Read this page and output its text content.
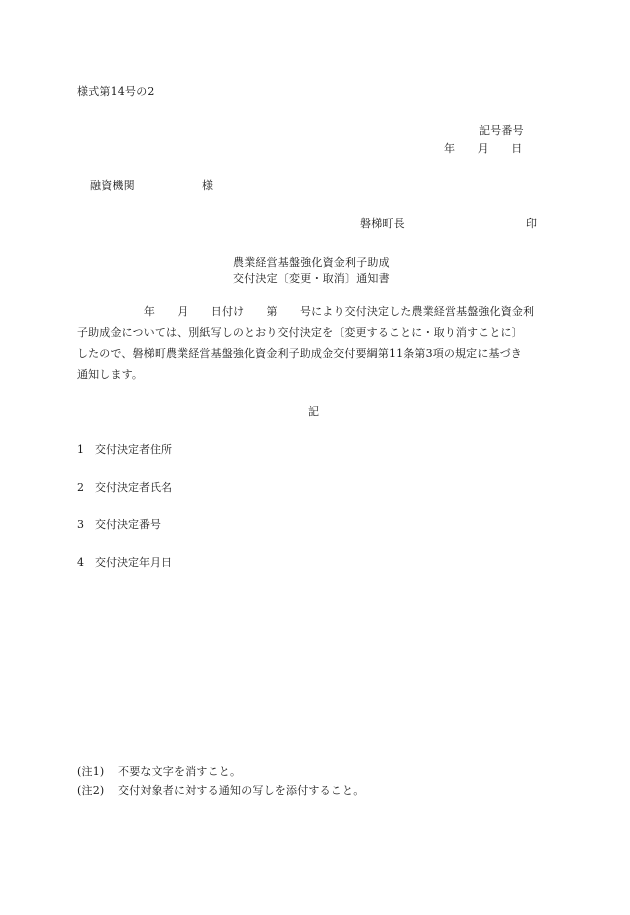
様式第14号の2
記号番号
年　　月　　日
融資機関　　　　　　様
磐梯町長	印
農業経営基盤強化資金利子助成
交付決定〔変更・取消〕通知書
　　　　　　年　　月　　日付け　　第　　号により交付決定した農業経営基盤強化資金利
子助成金については、別紙写しのとおり交付決定を〔変更することに・取り消すことに〕
したので、磐梯町農業経営基盤強化資金利子助成金交付要綱第11条第3項の規定に基づき
通知します。
記
1 交付決定者住所
2 交付決定者氏名
3 交付決定番号
4 交付決定年月日
(注1) 不要な文字を消すこと。
(注2) 交付対象者に対する通知の写しを添付すること。
